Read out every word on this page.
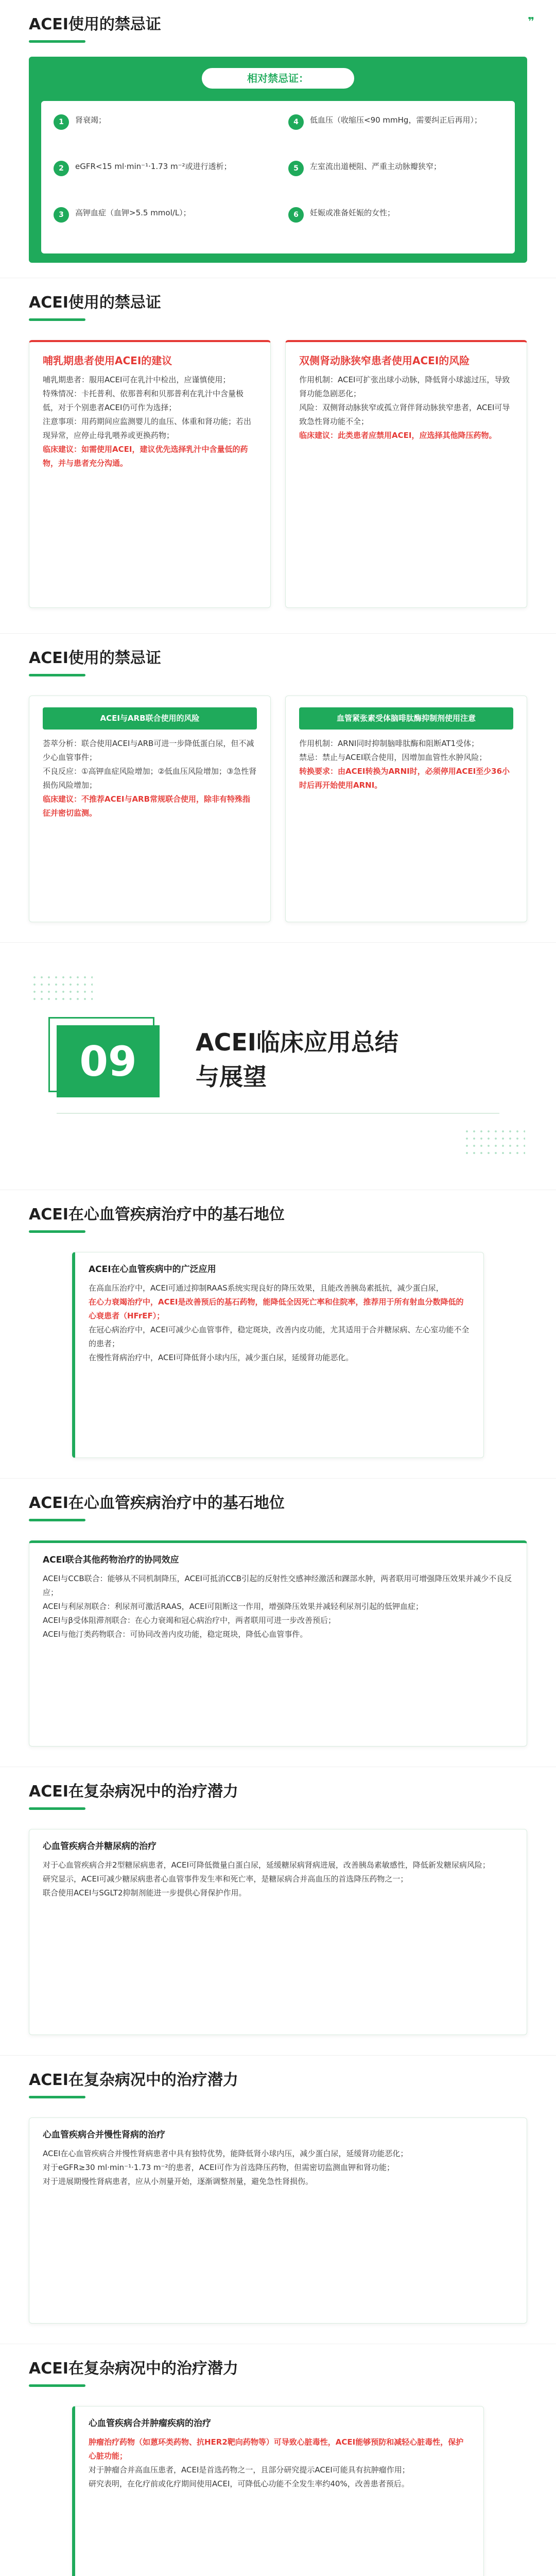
ACEI使用的禁忌证	❞
相对禁忌证：
1	肾衰竭；
2	eGFR<15 ml·min⁻¹·1.73 m⁻²或进行透析；
3	高钾血症（血钾>5.5 mmol/L）；
4	低血压（收缩压<90 mmHg，需要纠正后再用）；
5	左室流出道梗阻、严重主动脉瓣狭窄；
6	妊娠或准备妊娠的女性；
ACEI使用的禁忌证
哺乳期患者使用ACEI的建议

哺乳期患者：服用ACEI可在乳汁中检出，应谨慎使用；

特殊情况：卡托普利、依那普利和贝那普利在乳汁中含量极低，对于个别患者ACEI仍可作为选择；

注意事项：用药期间应监测婴儿的血压、体重和肾功能；若出现异常，应停止母乳喂养或更换药物；

临床建议：如需使用ACEI，建议优先选择乳汁中含量低的药物，并与患者充分沟通。

双侧肾动脉狭窄患者使用ACEI的风险

作用机制：ACEI可扩张出球小动脉，降低肾小球滤过压，导致肾功能急剧恶化；

风险：双侧肾动脉狭窄或孤立肾伴肾动脉狭窄患者，ACEI可导致急性肾功能不全；

临床建议：此类患者应禁用ACEI，应选择其他降压药物。

ACEI使用的禁忌证
ACEI与ARB联合使用的风险

荟萃分析：联合使用ACEI与ARB可进一步降低蛋白尿，但不减少心血管事件；

不良反应：①高钾血症风险增加；②低血压风险增加；③急性肾损伤风险增加；

临床建议：不推荐ACEI与ARB常规联合使用，除非有特殊指征并密切监测。

血管紧张素受体脑啡肽酶抑制剂使用注意

作用机制：ARNI同时抑制脑啡肽酶和阻断AT1受体；

禁忌：禁止与ACEI联合使用，因增加血管性水肿风险；

转换要求：由ACEI转换为ARNI时，必须停用ACEI至少36小时后再开始使用ARNI。

09	ACEI临床应用总结
与展望
ACEI在心血管疾病治疗中的基石地位
ACEI在心血管疾病中的广泛应用

在高血压治疗中，ACEI可通过抑制RAAS系统实现良好的降压效果，且能改善胰岛素抵抗，减少蛋白尿，

在心力衰竭治疗中，ACEI是改善预后的基石药物，能降低全因死亡率和住院率，推荐用于所有射血分数降低的心衰患者（HFrEF）；

在冠心病治疗中，ACEI可减少心血管事件，稳定斑块，改善内皮功能，尤其适用于合并糖尿病、左心室功能不全的患者；

在慢性肾病治疗中，ACEI可降低肾小球内压，减少蛋白尿，延缓肾功能恶化。

ACEI在心血管疾病治疗中的基石地位
ACEI联合其他药物治疗的协同效应

ACEI与CCB联合：能够从不同机制降压，ACEI可抵消CCB引起的反射性交感神经激活和踝部水肿，两者联用可增强降压效果并减少不良反应；

ACEI与利尿剂联合：利尿剂可激活RAAS，ACEI可阻断这一作用，增强降压效果并减轻利尿剂引起的低钾血症；

ACEI与β受体阻滞剂联合：在心力衰竭和冠心病治疗中，两者联用可进一步改善预后；

ACEI与他汀类药物联合：可协同改善内皮功能，稳定斑块，降低心血管事件。

ACEI在复杂病况中的治疗潜力
心血管疾病合并糖尿病的治疗

对于心血管疾病合并2型糖尿病患者，ACEI可降低微量白蛋白尿，延缓糖尿病肾病进展，改善胰岛素敏感性，降低新发糖尿病风险；

研究显示，ACEI可减少糖尿病患者心血管事件发生率和死亡率，是糖尿病合并高血压的首选降压药物之一；

联合使用ACEI与SGLT2抑制剂能进一步提供心肾保护作用。

ACEI在复杂病况中的治疗潜力
心血管疾病合并慢性肾病的治疗

ACEI在心血管疾病合并慢性肾病患者中具有独特优势，能降低肾小球内压，减少蛋白尿，延缓肾功能恶化；

对于eGFR≥30 ml·min⁻¹·1.73 m⁻²的患者，ACEI可作为首选降压药物，但需密切监测血钾和肾功能；

对于进展期慢性肾病患者，应从小剂量开始，逐渐调整剂量，避免急性肾损伤。

ACEI在复杂病况中的治疗潜力
心血管疾病合并肿瘤疾病的治疗

肿瘤治疗药物（如蒽环类药物、抗HER2靶向药物等）可导致心脏毒性，ACEI能够预防和减轻心脏毒性，保护心脏功能；

对于肿瘤合并高血压患者，ACEI是首选药物之一，且部分研究提示ACEI可能具有抗肿瘤作用；

研究表明，在化疗前或化疗期间使用ACEI，可降低心功能不全发生率约40%，改善患者预后。
